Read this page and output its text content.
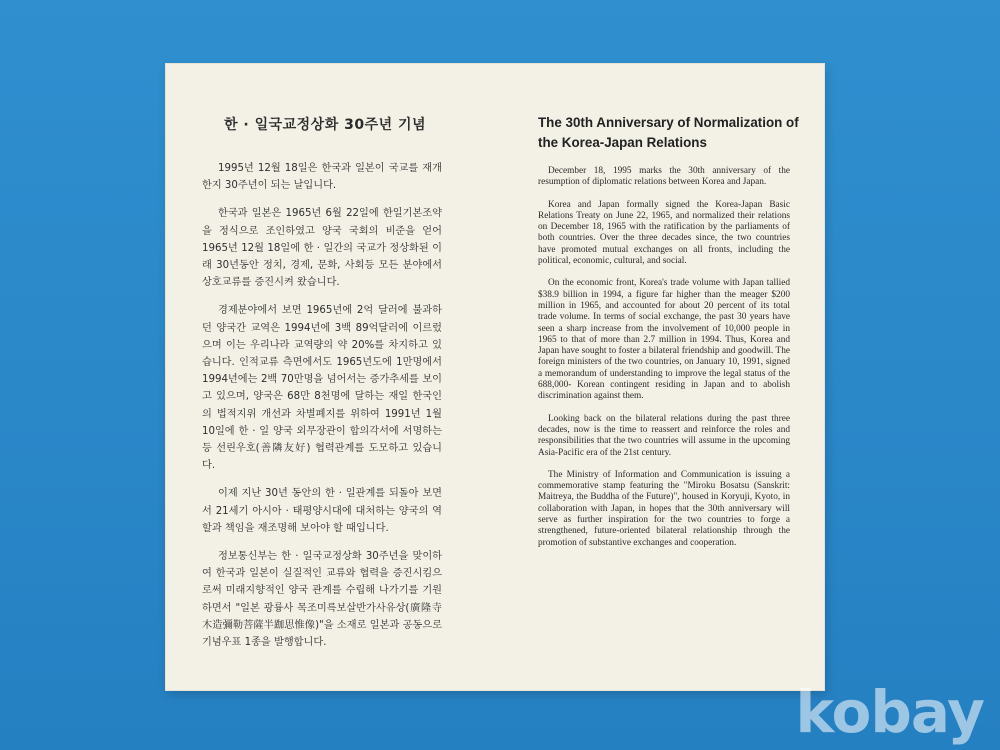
한 · 일국교정상화 30주년 기념

1995년 12월 18일은 한국과 일본이 국교를 재개한지 30주년이 되는 날입니다.

한국과 일본은 1965년 6월 22일에 한일기본조약을 정식으로 조인하였고 양국 국회의 비준을 얻어 1965년 12월 18일에 한 · 일간의 국교가 정상화된 이래 30년동안 정치, 경제, 문화, 사회등 모든 분야에서 상호교류를 증진시켜 왔습니다.

경제분야에서 보면 1965년에 2억 달러에 불과하던 양국간 교역은 1994년에 3백 89억달러에 이르렀으며 이는 우리나라 교역량의 약 20%를 차지하고 있습니다. 인적교류 측면에서도 1965년도에 1만명에서 1994년에는 2백 70만명을 넘어서는 증가추세를 보이고 있으며, 양국은 68만 8천명에 달하는 재일 한국인의 법적지위 개선과 차별폐지를 위하여 1991년 1월 10일에 한 · 일 양국 외무장관이 합의각서에 서명하는등 선린우호(善隣友好) 협력관계를 도모하고 있습니다.

이제 지난 30년 동안의 한 · 일관계를 되돌아 보면서 21세기 아시아 · 태평양시대에 대처하는 양국의 역할과 책임을 재조명해 보아야 할 때입니다.

정보통신부는 한 · 일국교정상화 30주년을 맞이하여 한국과 일본이 실질적인 교류와 협력을 증진시킴으로써 미래지향적인 양국 관계를 수립해 나가기를 기원하면서 "일본 광륭사 목조미륵보살반가사유상(廣隆寺 木造彌勒菩薩半跏思惟像)"을 소재로 일본과 공동으로 기념우표 1종을 발행합니다.

The 30th Anniversary of Normalization of the Korea-Japan Relations

December 18, 1995 marks the 30th anniversary of the resumption of diplomatic relations between Korea and Japan.

Korea and Japan formally signed the Korea-Japan Basic Relations Treaty on June 22, 1965, and normalized their relations on December 18, 1965 with the ratification by the parliaments of both countries. Over the three decades since, the two countries have promoted mutual exchanges on all fronts, including the political, economic, cultural, and social.

On the economic front, Korea's trade volume with Japan tallied $38.9 billion in 1994, a figure far higher than the meager $200 million in 1965, and accounted for about 20 percent of its total trade volume. In terms of social exchange, the past 30 years have seen a sharp increase from the involvement of 10,000 people in 1965 to that of more than 2.7 million in 1994. Thus, Korea and Japan have sought to foster a bilateral friendship and goodwill. The foreign ministers of the two countries, on January 10, 1991, signed a memorandum of understanding to improve the legal status of the 688,000- Korean contingent residing in Japan and to abolish discrimination against them.

Looking back on the bilateral relations during the past three decades, now is the time to reassert and reinforce the roles and responsibilities that the two countries will assume in the upcoming Asia-Pacific era of the 21st century.

The Ministry of Information and Communication is issuing a commemorative stamp featuring the "Miroku Bosatsu (Sanskrit: Maitreya, the Buddha of the Future)", housed in Koryuji, Kyoto, in collaboration with Japan, in hopes that the 30th anniversary will serve as further inspiration for the two countries to forge a strengthened, future-oriented bilateral relationship through the promotion of substantive exchanges and cooperation.

kobay
